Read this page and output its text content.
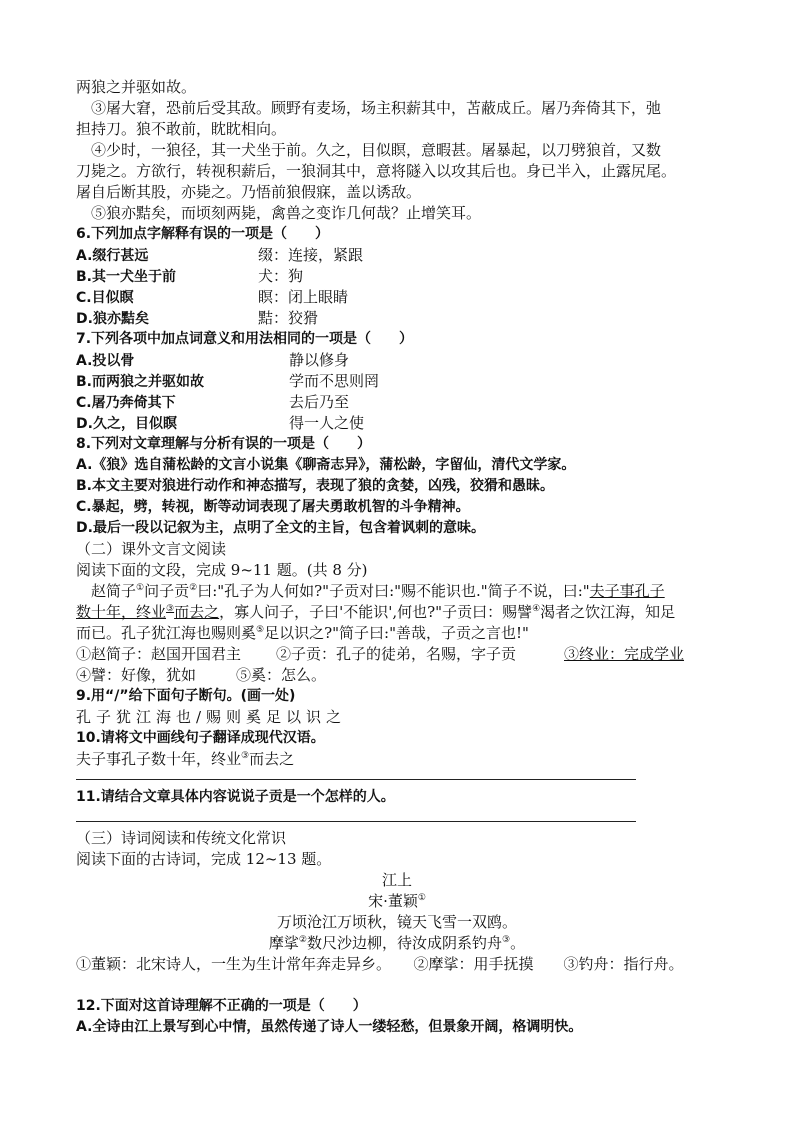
两狼之并驱如故。
③屠大窘，恐前后受其敌。顾野有麦场，场主积薪其中，苫蔽成丘。屠乃奔倚其下，弛
担持刀。狼不敢前，眈眈相向。
④少时，一狼径，其一犬坐于前。久之，目似瞑，意暇甚。屠暴起，以刀劈狼首，又数
刀毙之。方欲行，转视积薪后，一狼洞其中，意将隧入以攻其后也。身已半入，止露尻尾。
屠自后断其股，亦毙之。乃悟前狼假寐，盖以诱敌。
⑤狼亦黠矣，而顷刻两毙，禽兽之变诈几何哉？止增笑耳。
6.下列加点字解释有误的一项是（　　）
A.缀行甚远	缀：连接，紧跟
B.其一犬坐于前	犬：狗
C.目似瞑	瞑：闭上眼睛
D.狼亦黠矣	黠：狡猾
7.下列各项中加点词意义和用法相同的一项是（　　）
A.投以骨	静以修身
B.而两狼之并驱如故	学而不思则罔
C.屠乃奔倚其下	去后乃至
D.久之，目似瞑	得一人之使
8.下列对文章理解与分析有误的一项是（　　）
A.《狼》选自蒲松龄的文言小说集《聊斋志异》，蒲松龄，字留仙，清代文学家。
B.本文主要对狼进行动作和神态描写，表现了狼的贪婪，凶残，狡猾和愚昧。
C.暴起，劈，转视，断等动词表现了屠夫勇敢机智的斗争精神。
D.最后一段以记叙为主，点明了全文的主旨，包含着讽刺的意味。
（二）课外文言文阅读
阅读下面的文段，完成 9~11 题。(共 8 分)
赵简子①问子贡②曰:"孔子为人何如?"子贡对曰:"赐不能识也."简子不说，曰:"夫子事孔子
数十年，终业③而去之，寡人问子，子曰'不能识',何也?"子贡曰：赐譬④渴者之饮江海，知足
而已。孔子犹江海也赐则奚⑤足以识之?"简子曰:"善哉，子贡之言也!"
①赵简子：赵国开国君主 ②子贡：孔子的徒弟，名赐，字子贡	③终业：完成学业
④譬：好像，犹如	⑤奚：怎么。
9.用“/”给下面句子断句。(画一处)
孔子犹江海也/赐则奚足以识之
10.请将文中画线句子翻译成现代汉语。
夫子事孔子数十年，终业③而去之
11.请结合文章具体内容说说子贡是一个怎样的人。
（三）诗词阅读和传统文化常识
阅读下面的古诗词，完成 12~13 题。
江上
宋·董颖①
万顷沧江万顷秋，镜天飞雪一双鸥。
摩挲②数尺沙边柳，待汝成阴系钓舟③。
①董颖：北宋诗人，一生为生计常年奔走异乡。　　②摩挲：用手抚摸　　③钓舟：指行舟。
12.下面对这首诗理解不正确的一项是（　　）
A.全诗由江上景写到心中情，虽然传递了诗人一缕轻愁，但景象开阔，格调明快。
